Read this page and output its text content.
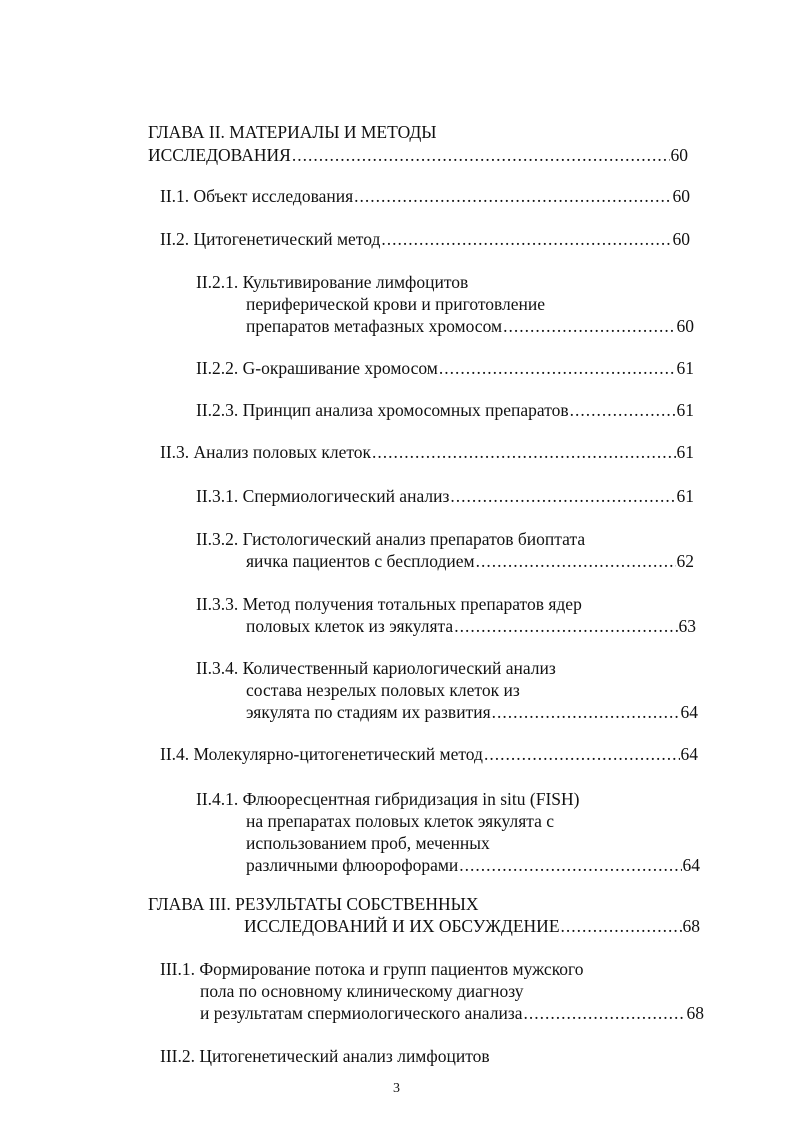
ГЛАВА II. МАТЕРИАЛЫ И МЕТОДЫ
ИССЛЕДОВАНИЯ .....	60
II.1. Объект исследования .....	60
II.2. Цитогенетический метод .....	60
II.2.1. Культивирование лимфоцитов
периферической крови и приготовление
препаратов метафазных хромосом .....	60
II.2.2. G-окрашивание хромосом .....	61
II.2.3. Принцип анализа хромосомных препаратов .....	61
II.3. Анализ половых клеток .....	61
II.3.1. Спермиологический анализ .....	61
II.3.2. Гистологический анализ препаратов биоптата
яичка пациентов с бесплодием .....	62
II.3.3. Метод получения тотальных препаратов ядер
половых клеток из эякулята .....	63
II.3.4. Количественный кариологический анализ
состава незрелых половых клеток из
эякулята по стадиям их развития .....	64
II.4. Молекулярно-цитогенетический метод .....	64
II.4.1. Флюоресцентная гибридизация in situ (FISH)
на препаратах половых клеток эякулята с
использованием проб, меченных
различными флюорофорами .....	64
ГЛАВА III. РЕЗУЛЬТАТЫ СОБСТВЕННЫХ
ИССЛЕДОВАНИЙ И ИХ ОБСУЖДЕНИЕ .....	68
III.1. Формирование потока и групп пациентов мужского
пола по основному клиническому диагнозу
и результатам спермиологического анализа .....	68
III.2. Цитогенетический анализ лимфоцитов
3
